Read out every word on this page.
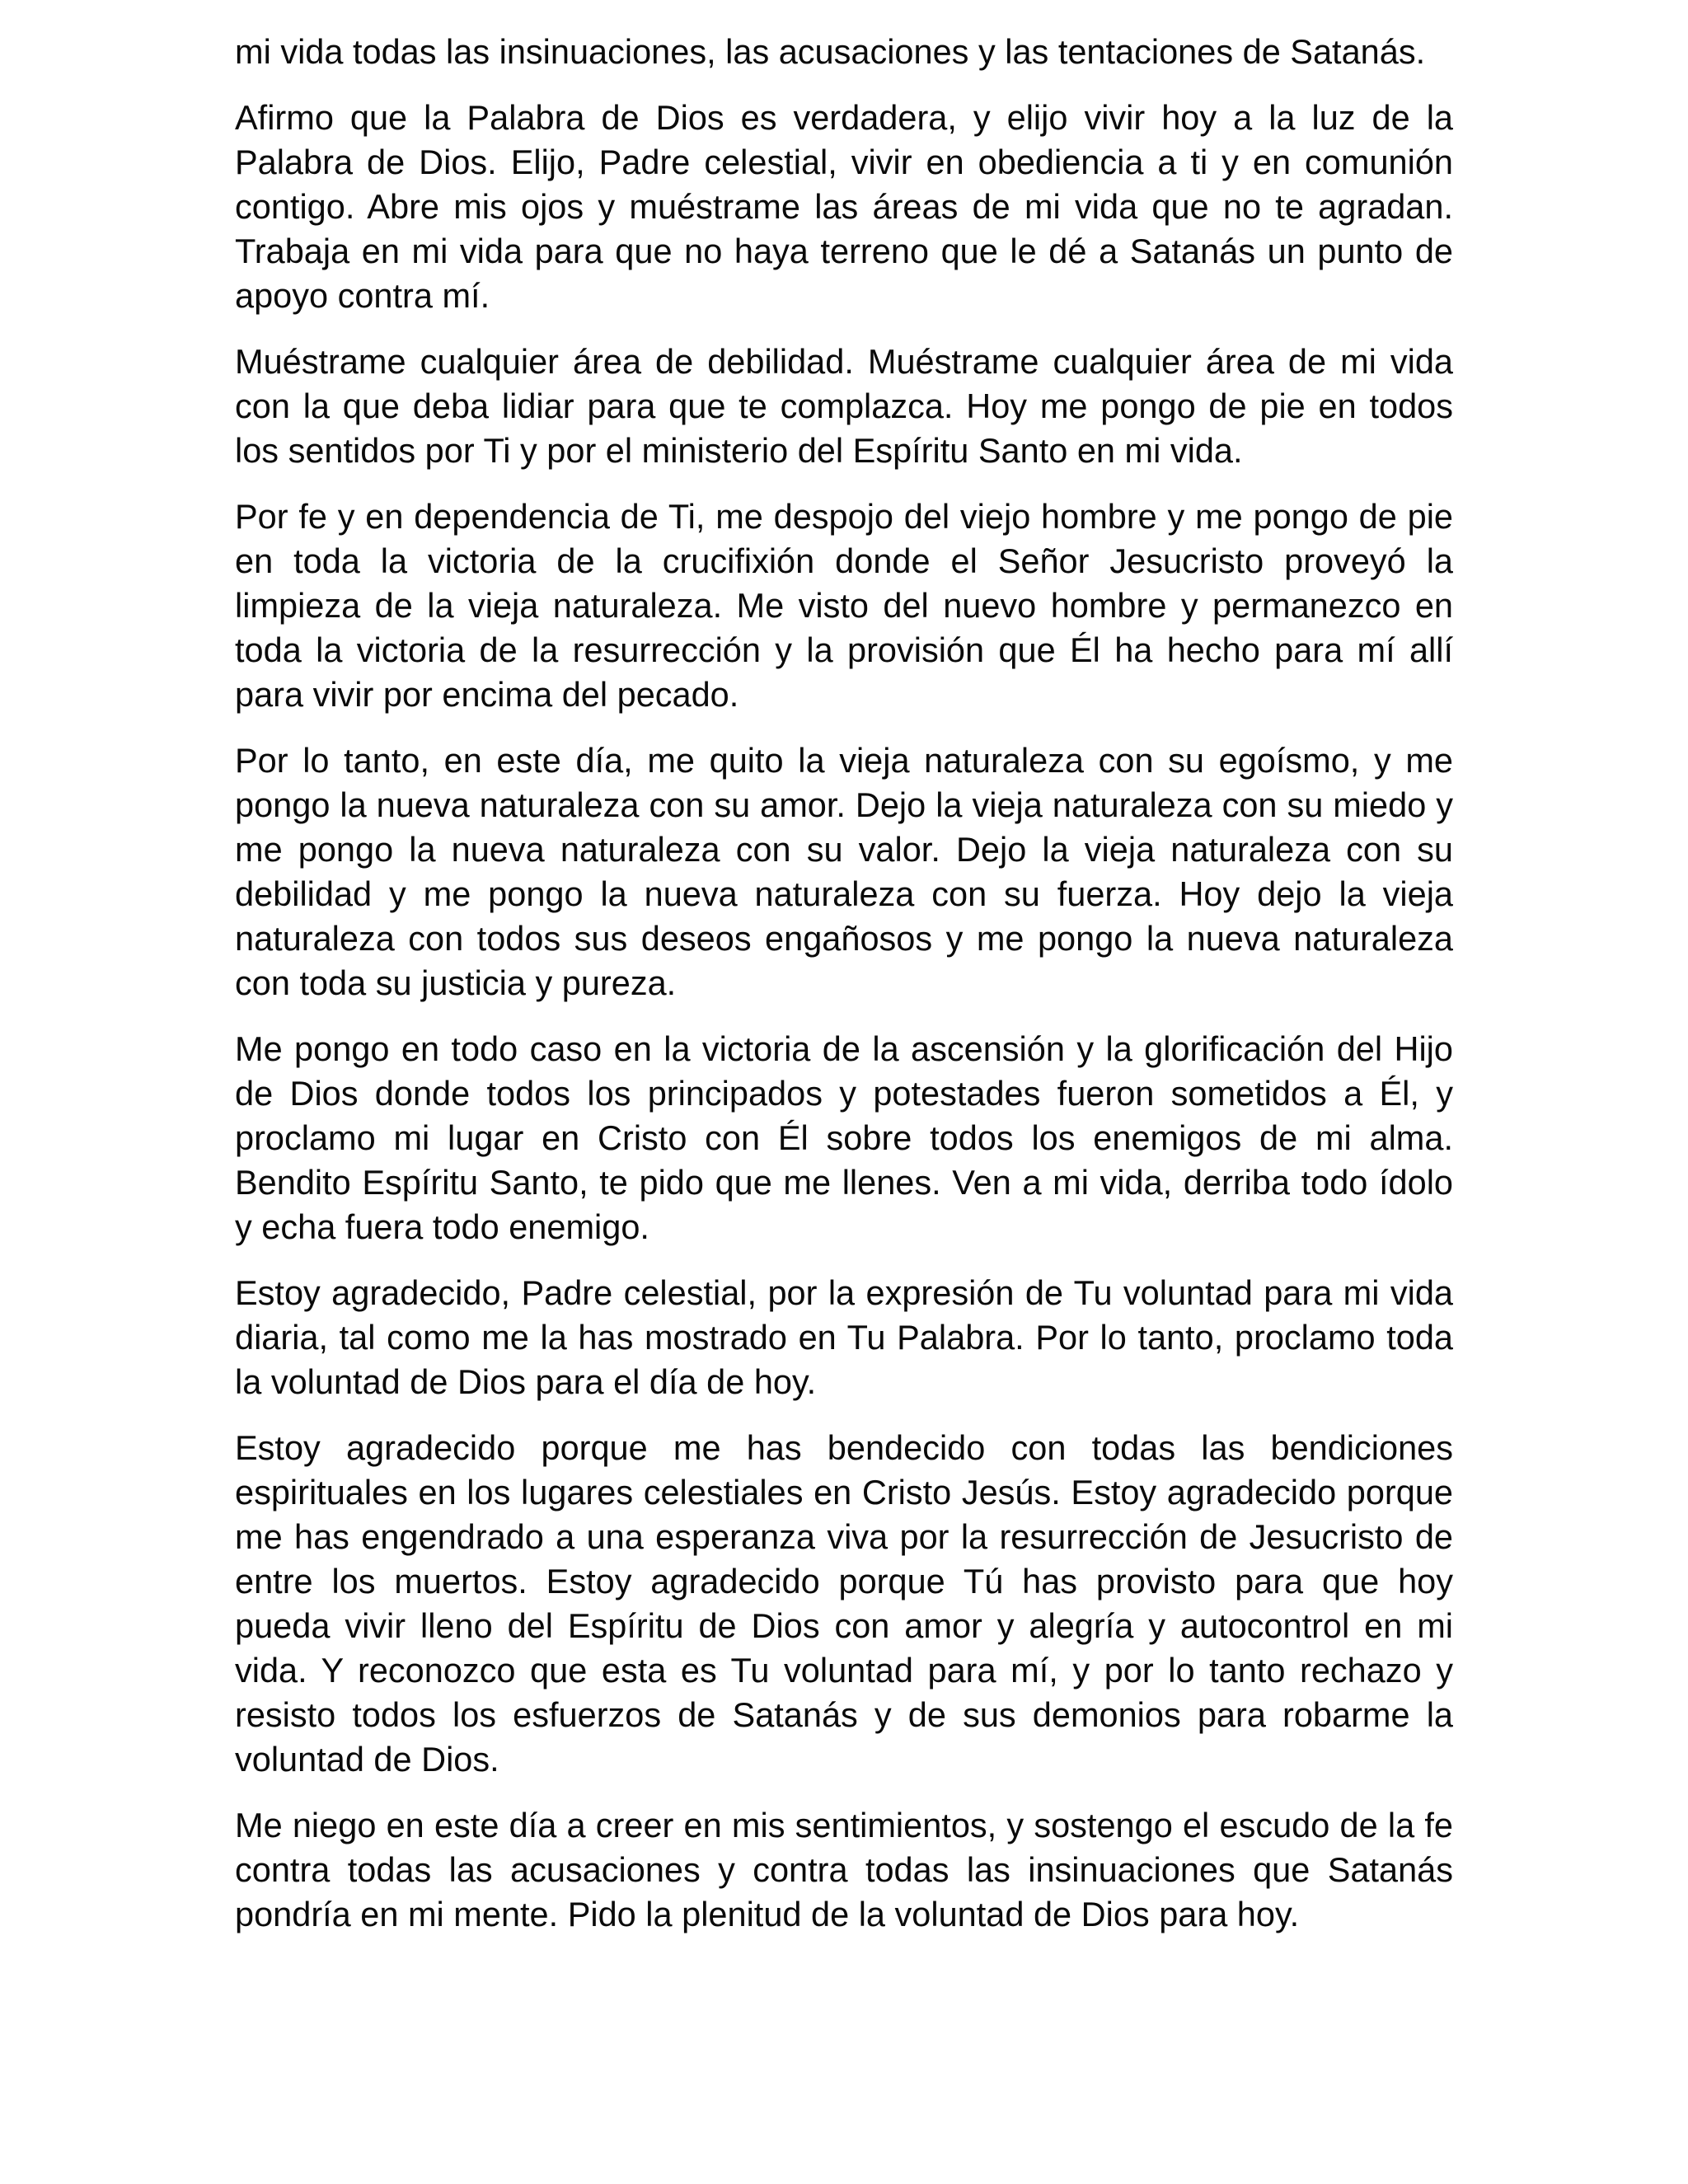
mi vida todas las insinuaciones, las acusaciones y las tentaciones de Satanás.

Afirmo que la Palabra de Dios es verdadera, y elijo vivir hoy a la luz de la Palabra de Dios. Elijo, Padre celestial, vivir en obediencia a ti y en comunión contigo. Abre mis ojos y muéstrame las áreas de mi vida que no te agradan. Trabaja en mi vida para que no haya terreno que le dé a Satanás un punto de apoyo contra mí.

Muéstrame cualquier área de debilidad. Muéstrame cualquier área de mi vida con la que deba lidiar para que te complazca. Hoy me pongo de pie en todos los sentidos por Ti y por el ministerio del Espíritu Santo en mi vida.

Por fe y en dependencia de Ti, me despojo del viejo hombre y me pongo de pie en toda la victoria de la crucifixión donde el Señor Jesucristo proveyó la limpieza de la vieja naturaleza. Me visto del nuevo hombre y permanezco en toda la victoria de la resurrección y la provisión que Él ha hecho para mí allí para vivir por encima del pecado.

Por lo tanto, en este día, me quito la vieja naturaleza con su egoísmo, y me pongo la nueva naturaleza con su amor. Dejo la vieja naturaleza con su miedo y me pongo la nueva naturaleza con su valor. Dejo la vieja naturaleza con su debilidad y me pongo la nueva naturaleza con su fuerza. Hoy dejo la vieja naturaleza con todos sus deseos engañosos y me pongo la nueva naturaleza con toda su justicia y pureza.

Me pongo en todo caso en la victoria de la ascensión y la glorificación del Hijo de Dios donde todos los principados y potestades fueron sometidos a Él, y proclamo mi lugar en Cristo con Él sobre todos los enemigos de mi alma. Bendito Espíritu Santo, te pido que me llenes. Ven a mi vida, derriba todo ídolo y echa fuera todo enemigo.

Estoy agradecido, Padre celestial, por la expresión de Tu voluntad para mi vida diaria, tal como me la has mostrado en Tu Palabra. Por lo tanto, proclamo toda la voluntad de Dios para el día de hoy.

Estoy agradecido porque me has bendecido con todas las bendiciones espirituales en los lugares celestiales en Cristo Jesús. Estoy agradecido porque me has engendrado a una esperanza viva por la resurrección de Jesucristo de entre los muertos. Estoy agradecido porque Tú has provisto para que hoy pueda vivir lleno del Espíritu de Dios con amor y alegría y autocontrol en mi vida. Y reconozco que esta es Tu voluntad para mí, y por lo tanto rechazo y resisto todos los esfuerzos de Satanás y de sus demonios para robarme la voluntad de Dios.

Me niego en este día a creer en mis sentimientos, y sostengo el escudo de la fe contra todas las acusaciones y contra todas las insinuaciones que Satanás pondría en mi mente. Pido la plenitud de la voluntad de Dios para hoy.
